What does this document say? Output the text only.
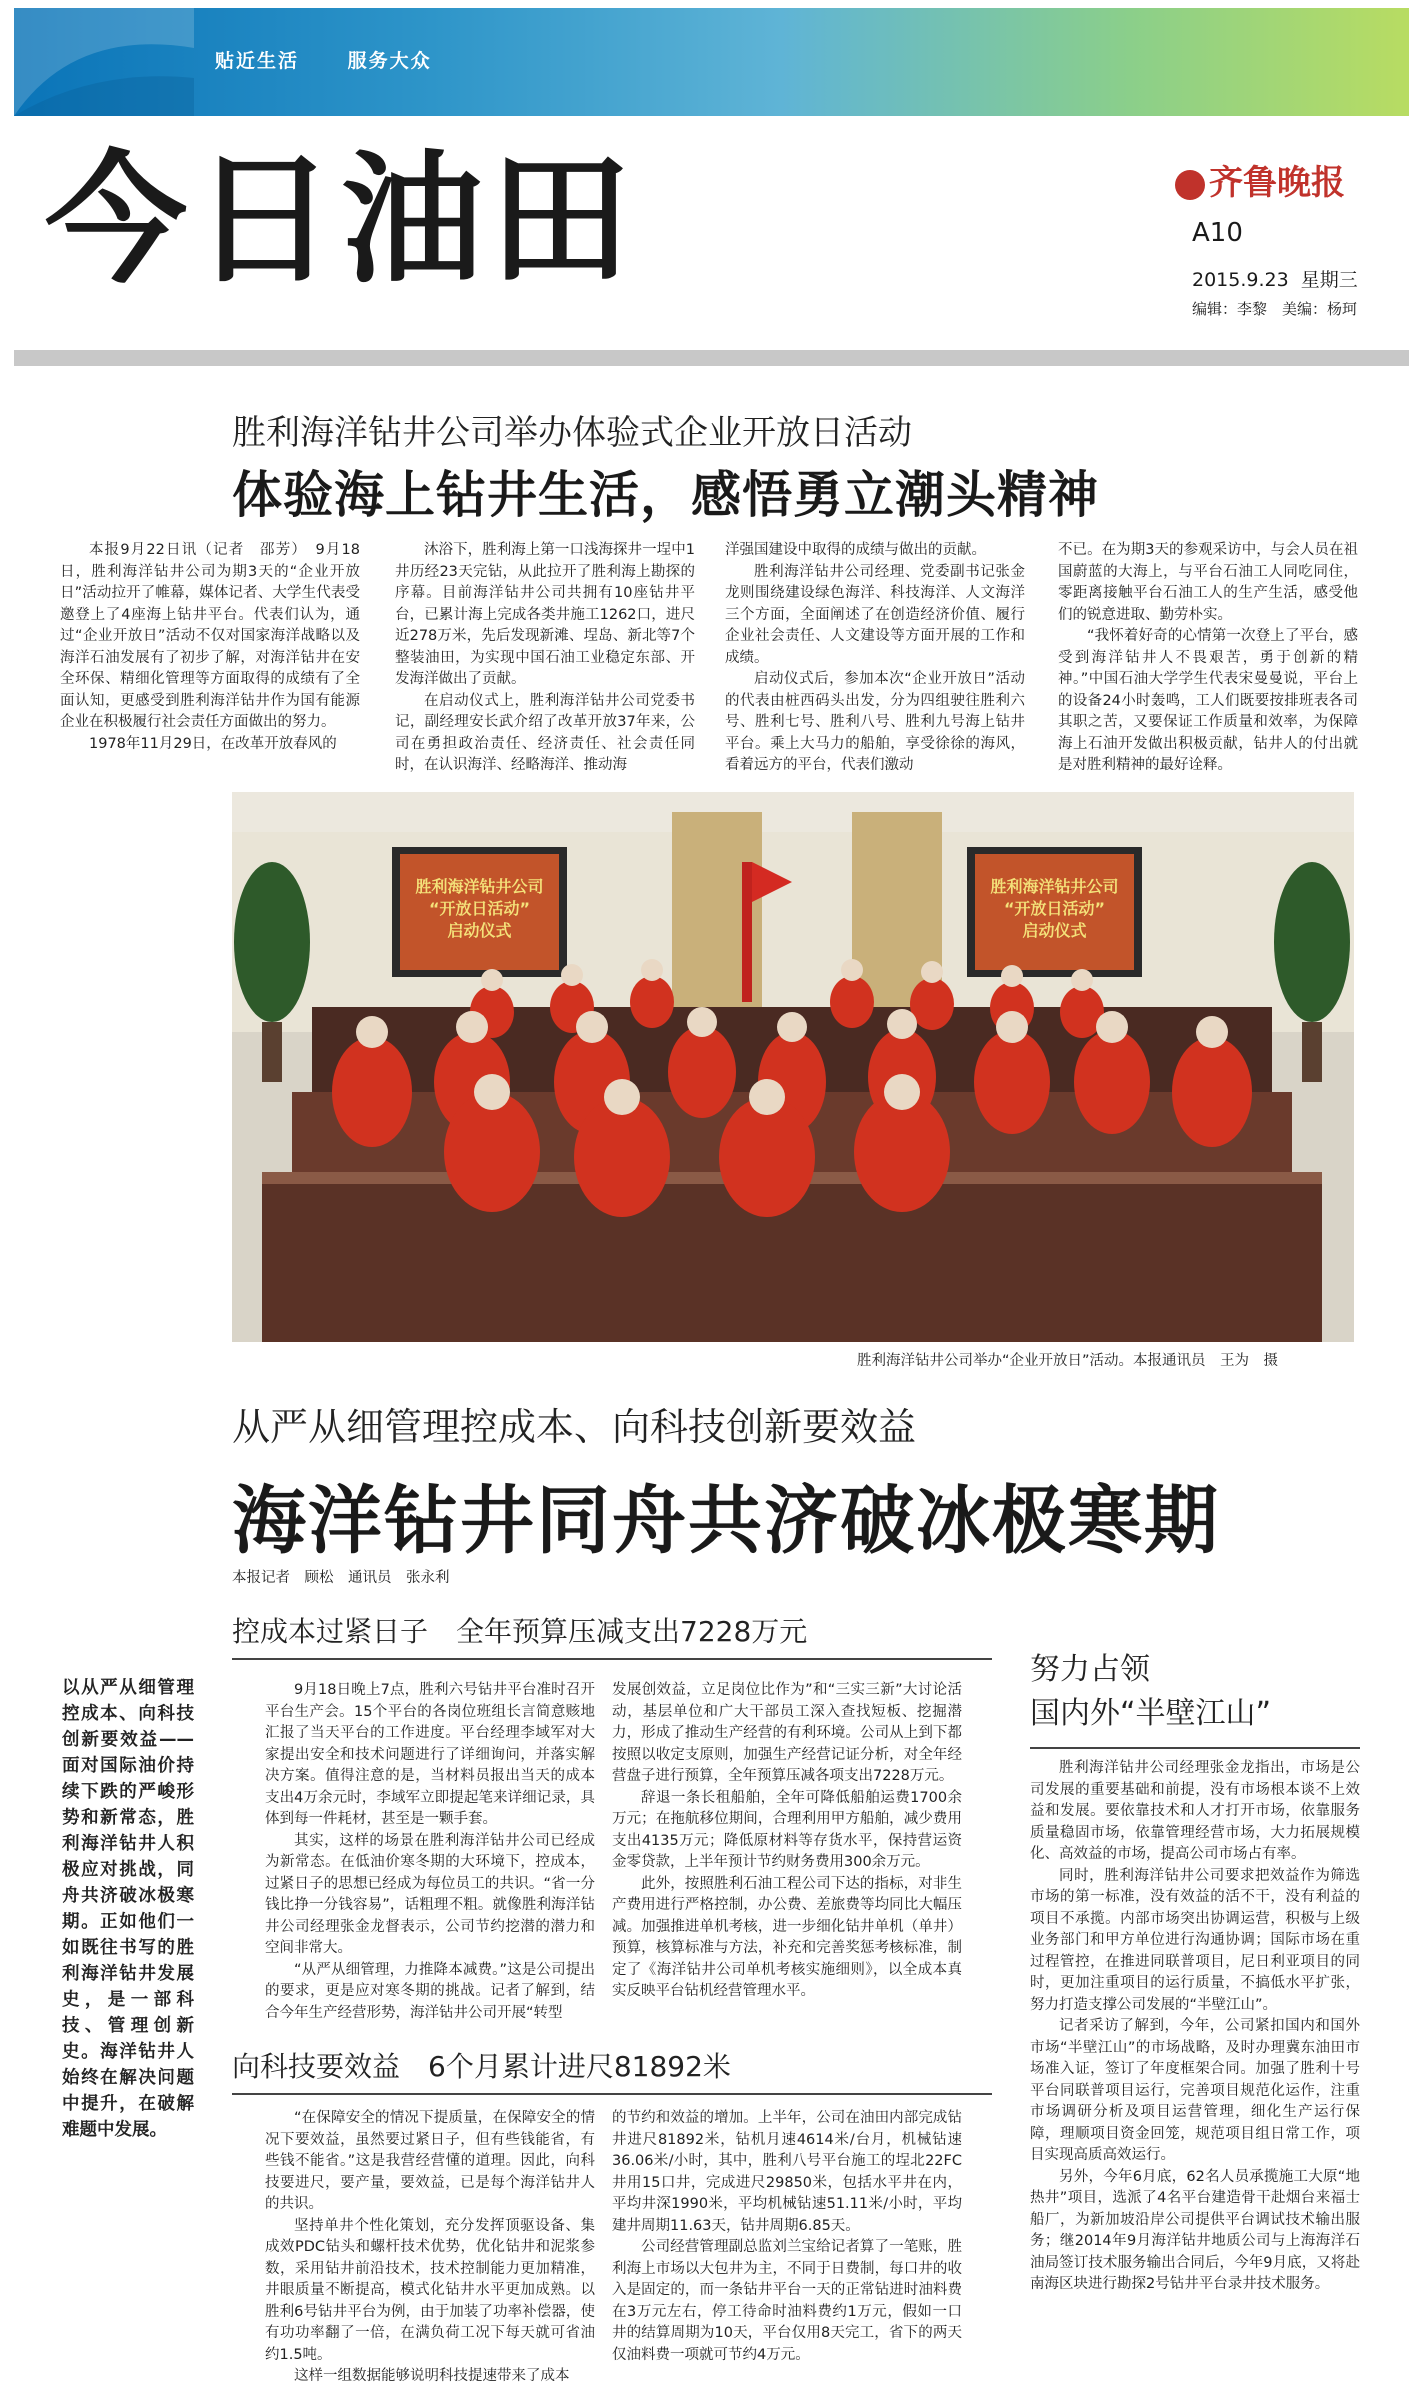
贴近生活	服务大众
今日油田	齐鲁晚报
A10
2015.9.23 星期三
编辑：李黎　美编：杨珂
胜利海洋钻井公司举办体验式企业开放日活动
体验海上钻井生活，感悟勇立潮头精神

本报9月22日讯（记者　邵芳）　9月18日，胜利海洋钻井公司为期3天的“企业开放日”活动拉开了帷幕，媒体记者、大学生代表受邀登上了4座海上钻井平台。代表们认为，通过“企业开放日”活动不仅对国家海洋战略以及海洋石油发展有了初步了解，对海洋钻井在安全环保、精细化管理等方面取得的成绩有了全面认知，更感受到胜利海洋钻井作为国有能源企业在积极履行社会责任方面做出的努力。

1978年11月29日，在改革开放春风的

沐浴下，胜利海上第一口浅海探井一埕中1井历经23天完钻，从此拉开了胜利海上勘探的序幕。目前海洋钻井公司共拥有10座钻井平台，已累计海上完成各类井施工1262口，进尺近278万米，先后发现新滩、埕岛、新北等7个整装油田，为实现中国石油工业稳定东部、开发海洋做出了贡献。

在启动仪式上，胜利海洋钻井公司党委书记，副经理安长武介绍了改革开放37年来，公司在勇担政治责任、经济责任、社会责任同时，在认识海洋、经略海洋、推动海

洋强国建设中取得的成绩与做出的贡献。

胜利海洋钻井公司经理、党委副书记张金龙则围绕建设绿色海洋、科技海洋、人文海洋三个方面，全面阐述了在创造经济价值、履行企业社会责任、人文建设等方面开展的工作和成绩。

启动仪式后，参加本次“企业开放日”活动的代表由桩西码头出发，分为四组驶往胜利六号、胜利七号、胜利八号、胜利九号海上钻井平台。乘上大马力的船舶，享受徐徐的海风，看着远方的平台，代表们激动

不已。在为期3天的参观采访中，与会人员在祖国蔚蓝的大海上，与平台石油工人同吃同住，零距离接触平台石油工人的生产生活，感受他们的锐意进取、勤劳朴实。

“我怀着好奇的心情第一次登上了平台，感受到海洋钻井人不畏艰苦，勇于创新的精神。”中国石油大学学生代表宋曼曼说，平台上的设备24小时轰鸣，工人们既要按排班表各司其职之苦，又要保证工作质量和效率，为保障海上石油开发做出积极贡献，钻井人的付出就是对胜利精神的最好诠释。

胜利海洋钻井公司
“开放日活动”
启动仪式
胜利海洋钻井公司
“开放日活动”
启动仪式
胜利海洋钻井公司举办“企业开放日”活动。本报通讯员　王为　摄
从严从细管理控成本、向科技创新要效益
海洋钻井同舟共济破冰极寒期
本报记者　顾松　通讯员　张永利
以从严从细管理控成本、向科技创新要效益——面对国际油价持续下跌的严峻形势和新常态，胜利海洋钻井人积极应对挑战，同舟共济破冰极寒期。正如他们一如既往书写的胜利海洋钻井发展史，是一部科技、管理创新史。海洋钻井人始终在解决问题中提升，在破解难题中发展。
控成本过紧日子　全年预算压减支出7228万元

9月18日晚上7点，胜利六号钻井平台准时召开平台生产会。15个平台的各岗位班组长言简意赅地汇报了当天平台的工作进度。平台经理李域军对大家提出安全和技术问题进行了详细询问，并落实解决方案。值得注意的是，当材料员报出当天的成本支出4万余元时，李域军立即提起笔来详细记录，具体到每一件耗材，甚至是一颗手套。

其实，这样的场景在胜利海洋钻井公司已经成为新常态。在低油价寒冬期的大环境下，控成本，过紧日子的思想已经成为每位员工的共识。“省一分钱比挣一分钱容易”，话粗理不粗。就像胜利海洋钻井公司经理张金龙督表示，公司节约挖潜的潜力和空间非常大。

“从严从细管理，力推降本减费。”这是公司提出的要求，更是应对寒冬期的挑战。记者了解到，结合今年生产经营形势，海洋钻井公司开展“转型

发展创效益，立足岗位比作为”和“三实三新”大讨论活动，基层单位和广大干部员工深入查找短板、挖掘潜力，形成了推动生产经营的有利环境。公司从上到下都按照以收定支原则，加强生产经营记证分析，对全年经营盘子进行预算，全年预算压减各项支出7228万元。

辞退一条长租船舶，全年可降低船舶运费1700余万元；在拖航移位期间，合理利用甲方船舶，减少费用支出4135万元；降低原材料等存货水平，保持营运资金零贷款，上半年预计节约财务费用300余万元。

此外，按照胜利石油工程公司下达的指标，对非生产费用进行严格控制，办公费、差旅费等均同比大幅压减。加强推进单机考核，进一步细化钻井单机（单井）预算，核算标准与方法，补充和完善奖惩考核标准，制定了《海洋钻井公司单机考核实施细则》，以全成本真实反映平台钻机经营管理水平。

向科技要效益　6个月累计进尺81892米

“在保障安全的情况下提质量，在保障安全的情况下要效益，虽然要过紧日子，但有些钱能省，有些钱不能省。”这是我营经营懂的道理。因此，向科技要进尺，要产量，要效益，已是每个海洋钻井人的共识。

坚持单井个性化策划，充分发挥顶驱设备、集成效PDC钻头和螺杆技术优势，优化钻井和泥浆参数，采用钻井前沿技术，技术控制能力更加精准，井眼质量不断提高，模式化钻井水平更加成熟。以胜利6号钻井平台为例，由于加装了功率补偿器，使有功功率翻了一倍，在满负荷工况下每天就可省油约1.5吨。

这样一组数据能够说明科技提速带来了成本

的节约和效益的增加。上半年，公司在油田内部完成钻井进尺81892米，钻机月速4614米/台月，机械钻速36.06米/小时，其中，胜利八号平台施工的埕北22FC井用15口井，完成进尺29850米，包括水平井在内，平均井深1990米，平均机械钻速51.11米/小时，平均建井周期11.63天，钻井周期6.85天。

公司经营管理副总监刘兰宝给记者算了一笔账，胜利海上市场以大包井为主，不同于日费制，每口井的收入是固定的，而一条钻井平台一天的正常钻进时油料费在3万元左右，停工待命时油料费约1万元，假如一口井的结算周期为10天，平台仅用8天完工，省下的两天仅油料费一项就可节约4万元。

努力占领
国内外“半壁江山”

胜利海洋钻井公司经理张金龙指出，市场是公司发展的重要基础和前提，没有市场根本谈不上效益和发展。要依靠技术和人才打开市场，依靠服务质量稳固市场，依靠管理经营市场，大力拓展规模化、高效益的市场，提高公司市场占有率。

同时，胜利海洋钻井公司要求把效益作为筛选市场的第一标准，没有效益的活不干，没有利益的项目不承揽。内部市场突出协调运营，积极与上级业务部门和甲方单位进行沟通协调；国际市场在重过程管控，在推进同联普项目，尼日利亚项目的同时，更加注重项目的运行质量，不搞低水平扩张，努力打造支撑公司发展的“半壁江山”。

记者采访了解到，今年，公司紧扣国内和国外市场“半壁江山”的市场战略，及时办理冀东油田市场准入证，签订了年度框架合同。加强了胜利十号平台同联普项目运行，完善项目规范化运作，注重市场调研分析及项目运营管理，细化生产运行保障，理顺项目资金回笼，规范项目组日常工作，项目实现高质高效运行。

另外，今年6月底，62名人员承揽施工大原“地热井”项目，选派了4名平台建造骨干赴烟台来福士船厂，为新加坡沿岸公司提供平台调试技术输出服务；继2014年9月海洋钻井地质公司与上海海洋石油局签订技术服务输出合同后，今年9月底，又将赴南海区块进行勘探2号钻井平台录井技术服务。
